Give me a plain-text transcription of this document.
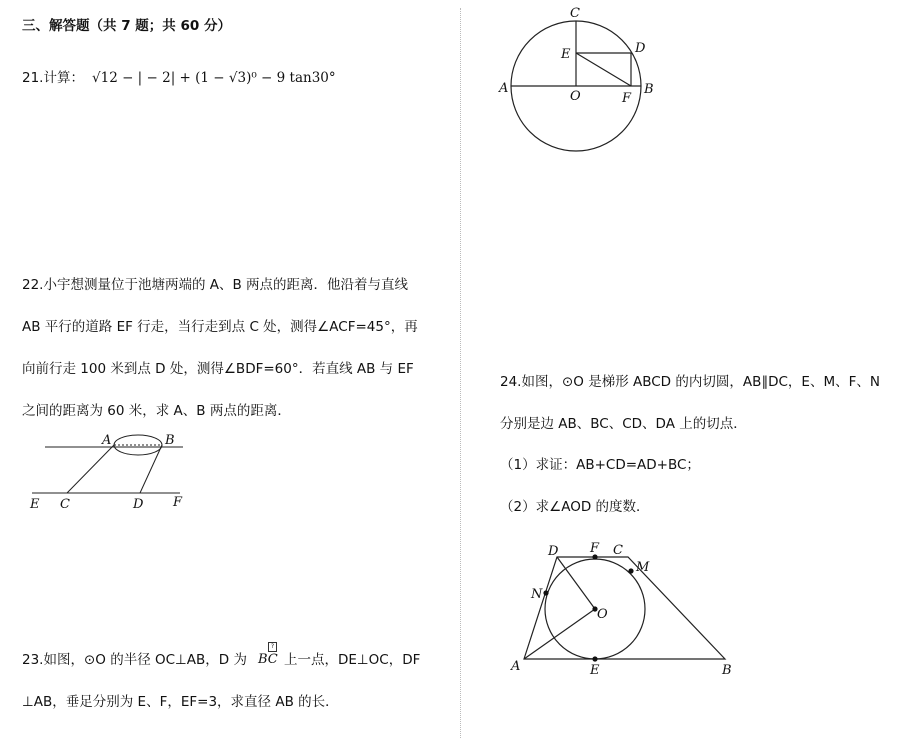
三、解答题（共 7 题；共 60 分）
21.计算： √12 − | − 2| + (1 − √3)⁰ − 9 tan30°
22.小宇想测量位于池塘两端的 A、B 两点的距离．他沿着与直线
AB 平行的道路 EF 行走，当行走到点 C 处，测得∠ACF=45°，再
向前行走 100 米到点 D 处，测得∠BDF=60°．若直线 AB 与 EF
之间的距离为 60 米，求 A、B 两点的距离．
A	B
E C	D F
23.如图，⊙O 的半径 OC⊥AB，D 为
?
BC 上一点，DE⊥OC，DF
⊥AB，垂足分别为 E、F，EF=3，求直径 AB 的长．
C
D
E
A
O	F
B
24.如图，⊙O 是梯形 ABCD 的内切圆，AB∥DC，E、M、F、N
分别是边 AB、BC、CD、DA 上的切点．
（1）求证：AB+CD=AD+BC；
（2）求∠AOD 的度数．
D F C
M
N
O
A	E	B
